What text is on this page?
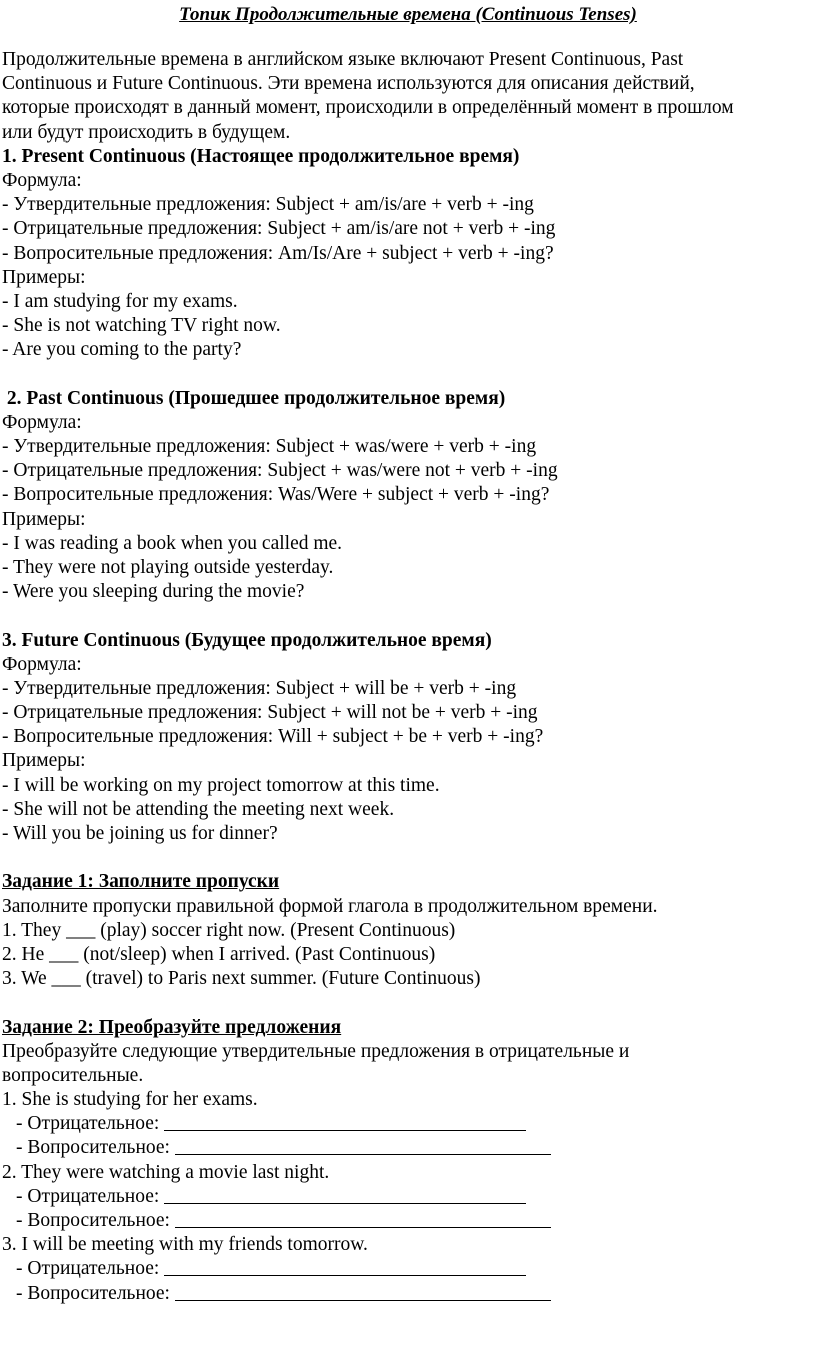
Топик Продолжительные времена (Continuous Tenses)
Продолжительные времена в английском языке включают Present Continuous, Past
Continuous и Future Continuous. Эти времена используются для описания действий,
которые происходят в данный момент, происходили в определённый момент в прошлом
или будут происходить в будущем.
1. Present Continuous (Настоящее продолжительное время)
Формула:
- Утвердительные предложения: Subject + am/is/are + verb + -ing
- Отрицательные предложения: Subject + am/is/are not + verb + -ing
- Вопросительные предложения: Am/Is/Are + subject + verb + -ing?
Примеры:
- I am studying for my exams.
- She is not watching TV right now.
- Are you coming to the party?
2. Past Continuous (Прошедшее продолжительное время)
Формула:
- Утвердительные предложения: Subject + was/were + verb + -ing
- Отрицательные предложения: Subject + was/were not + verb + -ing
- Вопросительные предложения: Was/Were + subject + verb + -ing?
Примеры:
- I was reading a book when you called me.
- They were not playing outside yesterday.
- Were you sleeping during the movie?
3. Future Continuous (Будущее продолжительное время)
Формула:
- Утвердительные предложения: Subject + will be + verb + -ing
- Отрицательные предложения: Subject + will not be + verb + -ing
- Вопросительные предложения: Will + subject + be + verb + -ing?
Примеры:
- I will be working on my project tomorrow at this time.
- She will not be attending the meeting next week.
- Will you be joining us for dinner?
Задание 1: Заполните пропуски
Заполните пропуски правильной формой глагола в продолжительном времени.
1. They ___ (play) soccer right now. (Present Continuous)
2. He ___ (not/sleep) when I arrived. (Past Continuous)
3. We ___ (travel) to Paris next summer. (Future Continuous)
Задание 2: Преобразуйте предложения
Преобразуйте следующие утвердительные предложения в отрицательные и
вопросительные.
1. She is studying for her exams.
- Отрицательное:
- Вопросительное:
2. They were watching a movie last night.
- Отрицательное:
- Вопросительное:
3. I will be meeting with my friends tomorrow.
- Отрицательное:
- Вопросительное:
